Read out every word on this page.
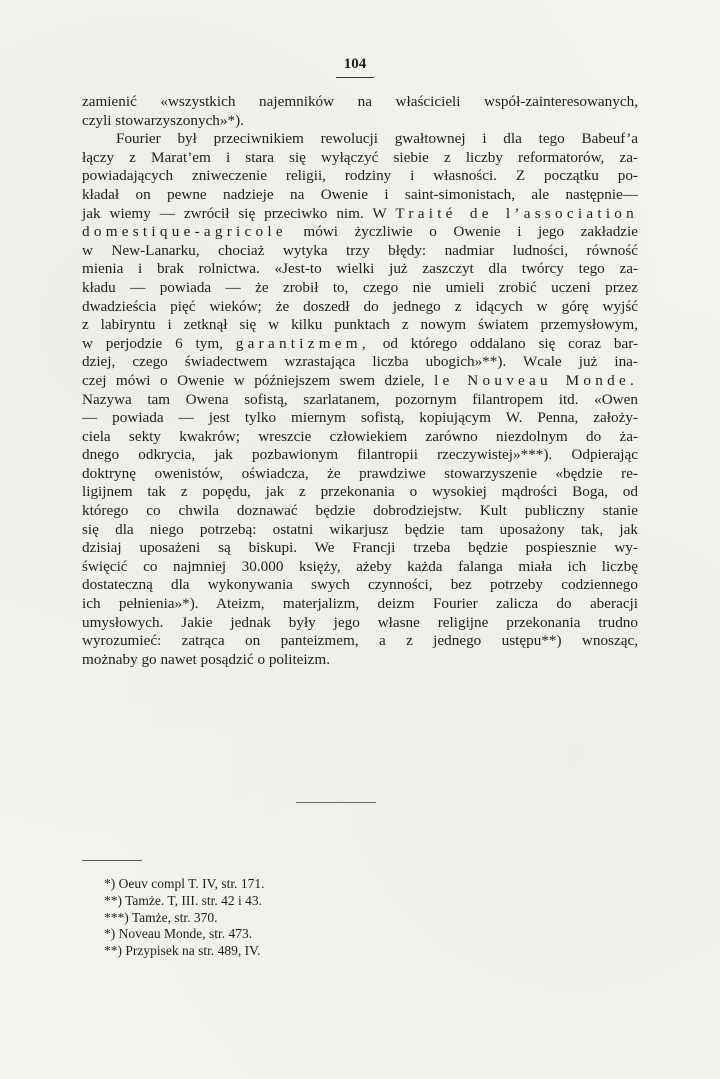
104
zamienić «wszystkich najemników na właścicieli współ-zainteresowanych,
czyli stowarzyszonych»*).
Fourier był przeciwnikiem rewolucji gwałtownej i dla tego Babeuf’a
łączy z Marat’em i stara się wyłączyć siebie z liczby reformatorów, za-
powiadających zniweczenie religii, rodziny i własności. Z początku po-
kładał on pewne nadzieje na Owenie i saint-simonistach, ale następnie—
jak wiemy — zwrócił się przeciwko nim. W Traité de l’association
domestique-agricole mówi życzliwie o Owenie i jego zakładzie
w New-Lanarku, chociaż wytyka trzy błędy: nadmiar ludności, równość
mienia i brak rolnictwa. «Jest-to wielki już zaszczyt dla twórcy tego za-
kładu — powiada — że zrobił to, czego nie umieli zrobić uczeni przez
dwadzieścia pięć wieków; że doszedł do jednego z idących w górę wyjść
z labiryntu i zetknął się w kilku punktach z nowym światem przemysłowym,
w perjodzie 6 tym, garantizmem, od którego oddalano się coraz bar-
dziej, czego świadectwem wzrastająca liczba ubogich»**). Wcale już ina-
czej mówi o Owenie w późniejszem swem dziele, le Nouveau Monde.
Nazywa tam Owena sofistą, szarlatanem, pozornym filantropem itd. «Owen
— powiada — jest tylko miernym sofistą, kopiującym W. Penna, założy-
ciela sekty kwakrów; wreszcie człowiekiem zarówno niezdolnym do ża-
dnego odkrycia, jak pozbawionym filantropii rzeczywistej»***). Odpierając
doktrynę owenistów, oświadcza, że prawdziwe stowarzyszenie «będzie re-
ligijnem tak z popędu, jak z przekonania o wysokiej mądrości Boga, od
którego co chwila doznawać będzie dobrodziejstw. Kult publiczny stanie
się dla niego potrzebą: ostatni wikarjusz będzie tam uposażony tak, jak
dzisiaj uposażeni są biskupi. We Francji trzeba będzie pospiesznie wy-
święcić co najmniej 30.000 księży, ażeby każda falanga miała ich liczbę
dostateczną dla wykonywania swych czynności, bez potrzeby codziennego
ich pełnienia»*). Ateizm, materjalizm, deizm Fourier zalicza do aberacji
umysłowych. Jakie jednak były jego własne religijne przekonania trudno
wyrozumieć: zatrąca on panteizmem, a z jednego ustępu**) wnosząc,
możnaby go nawet posądzić o politeizm.
*) Oeuv compl T. IV, str. 171.
**) Tamże. T, III. str. 42 i 43.
***) Tamże, str. 370.
*) Noveau Monde, str. 473.
**) Przypisek na str. 489, IV.
